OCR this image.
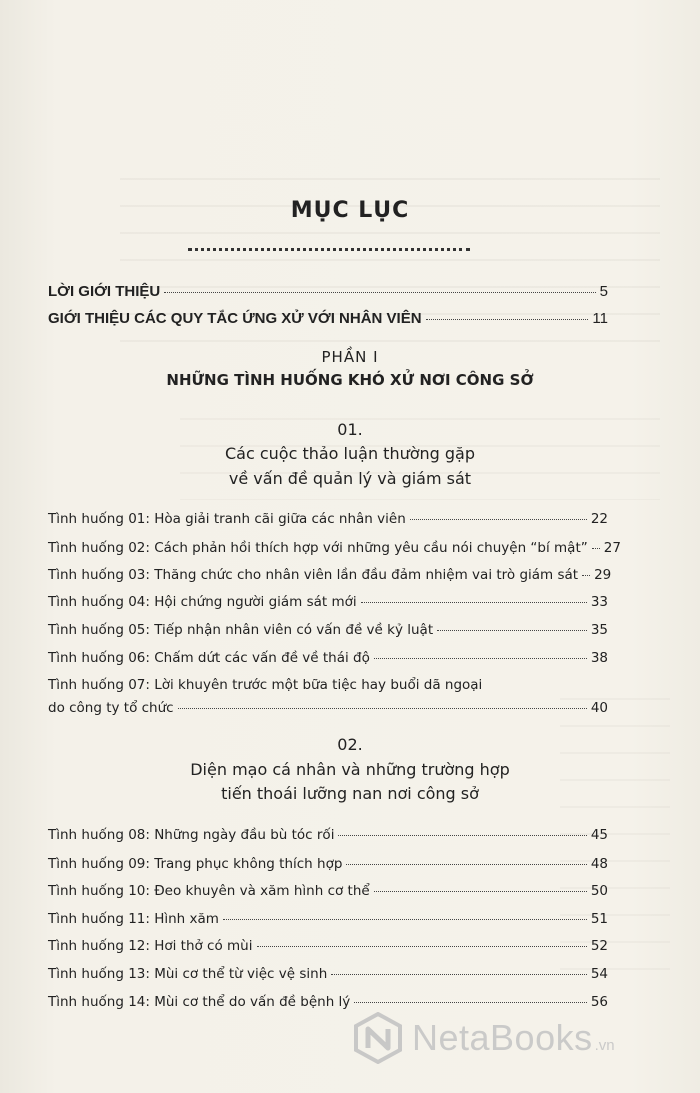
MỤC LỤC
LỜI GIỚI THIỆU	5
GIỚI THIỆU CÁC QUY TẮC ỨNG XỬ VỚI NHÂN VIÊN	11
PHẦN I
NHỮNG TÌNH HUỐNG KHÓ XỬ NƠI CÔNG SỞ
01.
Các cuộc thảo luận thường gặp
về vấn đề quản lý và giám sát
Tình huống 01: Hòa giải tranh cãi giữa các nhân viên	22
Tình huống 02: Cách phản hồi thích hợp với những yêu cầu nói chuyện “bí mật” 27
Tình huống 03: Thăng chức cho nhân viên lần đầu đảm nhiệm vai trò giám sát 29
Tình huống 04: Hội chứng người giám sát mới	33
Tình huống 05: Tiếp nhận nhân viên có vấn đề về kỷ luật	35
Tình huống 06: Chấm dứt các vấn đề về thái độ	38
Tình huống 07: Lời khuyên trước một bữa tiệc hay buổi dã ngoại
do công ty tổ chức	40
02.
Diện mạo cá nhân và những trường hợp
tiến thoái lưỡng nan nơi công sở
Tình huống 08: Những ngày đầu bù tóc rối	45
Tình huống 09: Trang phục không thích hợp	48
Tình huống 10: Đeo khuyên và xăm hình cơ thể	50
Tình huống 11: Hình xăm	51
Tình huống 12: Hơi thở có mùi	52
Tình huống 13: Mùi cơ thể từ việc vệ sinh	54
Tình huống 14: Mùi cơ thể do vấn đề bệnh lý	56
NetaBooks .vn
